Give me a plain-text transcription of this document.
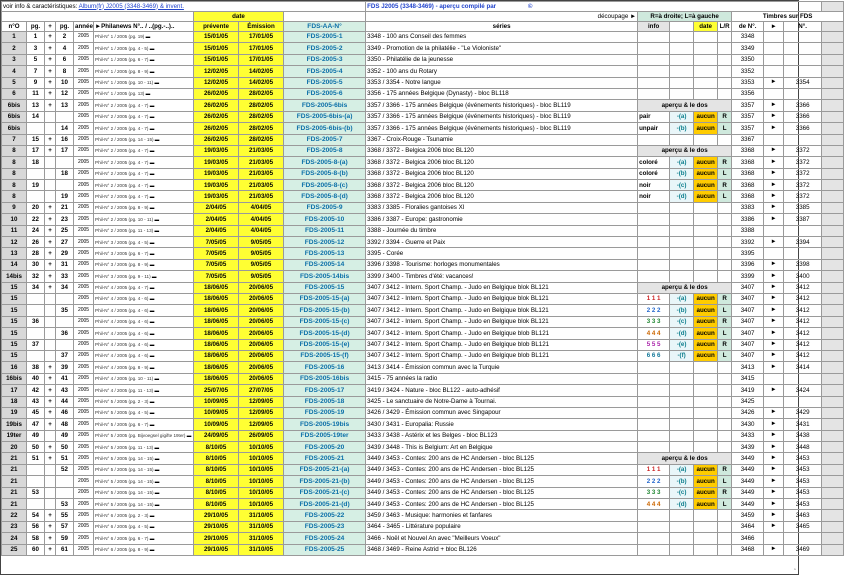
voir info & caractéristiques: Album(fr) J2005 (3348-3469) & invent.									FDS J2005 (3348-3469) - aperçu compilé par ©								
						date			découpage ►	R=à droite; L=à gauche				Timbres sur FDS			
n°O	pg.	+	pg.	année	►Philanews N°.. / ..(pg.-..)..	prévente	Émission	FDS-AA-N°	séries	info		date	L/R	de N°.	►	N°.	
1	1	+	2	2005	Phil-N° 1 / 2005 (pg. 19) ▬	15/01/05	17/01/05	FDS-2005-1	3348 - 100 ans Conseil des femmes					3348			
2	3	+	4	2005	Phil-N° 1 / 2005 (pg. 4 - 5) ▬	15/01/05	17/01/05	FDS-2005-2	3349 - Promotion de la philatélie - "Le Violoniste"					3349			
3	5	+	6	2005	Phil-N° 1 / 2005 (pg. 6 - 7) ▬	15/01/05	17/01/05	FDS-2005-3	3350 - Philatélie de la jeunesse					3350			
4	7	+	8	2005	Phil-N° 1 / 2005 (pg. 8 - 9) ▬	12/02/05	14/02/05	FDS-2005-4	3352 - 100 ans du Rotary					3352			
5	9	+	10	2005	Phil-N° 1 / 2005 (pg. 10 - 11) ▬	12/02/05	14/02/05	FDS-2005-5	3353 / 3354 - Notre langue					3353	►	3354	
6	11	+	12	2005	Phil-N° 1 / 2005 (pg. 13) ▬	26/02/05	28/02/05	FDS-2005-6	3356 - 175 années Belgique (Dynasty) - bloc BL118					3356			
6bis	13	+	13	2005	Phil-N° 2 / 2005 (pg. 4 - 7) ▬	26/02/05	28/02/05	FDS-2005-6bis	3357 / 3366 - 175 années Belgique (événements historiques) - bloc BL119	aperçu & le dos				3357	►	3366	
6bis	14			2005	Phil-N° 2 / 2005 (pg. 4 - 7) ▬	26/02/05	28/02/05	FDS-2005-6bis-(a)	3357 / 3366 - 175 années Belgique (événements historiques) - bloc BL119	pair	-(a)	aucun	R	3357	►	3366	
6bis			14	2005	Phil-N° 2 / 2005 (pg. 4 - 7) ▬	26/02/05	28/02/05	FDS-2005-6bis-(b)	3357 / 3366 - 175 années Belgique (événements historiques) - bloc BL119	unpair	-(b)	aucun	L	3357	►	3366	
7	15	+	16	2005	Phil-N° 2 / 2005 (pg. 14 - 15) ▬	26/02/05	28/02/05	FDS-2005-7	3367 - Croix-Rouge - Tsunamie					3367			
8	17	+	17	2005	Phil-N° 2 / 2005 (pg. 4 - 7) ▬	19/03/05	21/03/05	FDS-2005-8	3368 / 3372 - Belgica 2006 bloc BL120	aperçu & le dos				3368	►	3372	
8	18			2005	Phil-N° 2 / 2005 (pg. 4 - 7) ▬	19/03/05	21/03/05	FDS-2005-8-(a)	3368 / 3372 - Belgica 2006 bloc BL120	coloré	-(a)	aucun	R	3368	►	3372	
8			18	2005	Phil-N° 2 / 2005 (pg. 4 - 7) ▬	19/03/05	21/03/05	FDS-2005-8-(b)	3368 / 3372 - Belgica 2006 bloc BL120	coloré	-(b)	aucun	L	3368	►	3372	
8	19			2005	Phil-N° 2 / 2005 (pg. 4 - 7) ▬	19/03/05	21/03/05	FDS-2005-8-(c)	3368 / 3372 - Belgica 2006 bloc BL120	noir	-(c)	aucun	R	3368	►	3372	
8			19	2005	Phil-N° 2 / 2005 (pg. 4 - 7) ▬	19/03/05	21/03/05	FDS-2005-8-(d)	3368 / 3372 - Belgica 2006 bloc BL120	noir	-(d)	aucun	L	3368	►	3372	
9	20	+	21	2005	Phil-N° 2 / 2005 (pg. 8 - 9) ▬	2/04/05	4/04/05	FDS-2005-9	3383 / 3385 - Floralies gantoises XI					3383	►	3385	
10	22	+	23	2005	Phil-N° 2 / 2005 (pg. 10 - 11) ▬	2/04/05	4/04/05	FDS-2005-10	3386 / 3387 - Europe: gastronomie					3386	►	3387	
11	24	+	25	2005	Phil-N° 2 / 2005 (pg. 11 - 13) ▬	2/04/05	4/04/05	FDS-2005-11	3388 - Journée du timbre					3388			
12	26	+	27	2005	Phil-N° 3 / 2005 (pg. 4 - 5) ▬	7/05/05	9/05/05	FDS-2005-12	3392 / 3394 - Guerre et Paix					3392	►	3394	
13	28	+	29	2005	Phil-N° 3 / 2005 (pg. 6 - 7) ▬	7/05/05	9/05/05	FDS-2005-13	3395 - Corée					3395			
14	30	+	31	2005	Phil-N° 3 / 2005 (pg. 8 - 9) ▬	7/05/05	9/05/05	FDS-2005-14	3396 / 3398 - Tourisme: horloges monumentales					3396	►	3398	
14bis	32	+	33	2005	Phil-N° 3 / 2005 (pg. 9 - 11) ▬	7/05/05	9/05/05	FDS-2005-14bis	3399 / 3400 - Timbres d'été: vacances!					3399	►	3400	
15	34	+	34	2005	Phil-N° 4 / 2005 (pg. 4 - 7) ▬	18/06/05	20/06/05	FDS-2005-15	3407 / 3412 - Intern. Sport Champ. - Judo en Belgique blok BL121	aperçu & le dos				3407	►	3412	
15				2005	Phil-N° 4 / 2005 (pg. 4 - 6) ▬	18/06/05	20/06/05	FDS-2005-15-(a)	3407 / 3412 - Intern. Sport Champ. - Judo en Belgique blok BL121	1 1 1	-(a)	aucun	R	3407	►	3412	
15			35	2005	Phil-N° 4 / 2005 (pg. 4 - 6) ▬	18/06/05	20/06/05	FDS-2005-15-(b)	3407 / 3412 - Intern. Sport Champ. - Judo en Belgique blok BL121	2 2 2	-(b)	aucun	L	3407	►	3412	
15	36			2005	Phil-N° 4 / 2005 (pg. 4 - 6) ▬	18/06/05	20/06/05	FDS-2005-15-(c)	3407 / 3412 - Intern. Sport Champ. - Judo en Belgique blok BL121	3 3 3	-(c)	aucun	R	3407	►	3412	
15			36	2005	Phil-N° 4 / 2005 (pg. 4 - 6) ▬	18/06/05	20/06/05	FDS-2005-15-(d)	3407 / 3412 - Intern. Sport Champ. - Judo en Belgique blob BL121	4 4 4	-(d)	aucun	L	3407	►	3412	
15	37			2005	Phil-N° 4 / 2005 (pg. 4 - 6) ▬	18/06/05	20/06/05	FDS-2005-15-(e)	3407 / 3412 - Intern. Sport Champ. - Judo en Belgique blob BL121	5 5 5	-(e)	aucun	R	3407	►	3412	
15			37	2005	Phil-N° 4 / 2005 (pg. 4 - 6) ▬	18/06/05	20/06/05	FDS-2005-15-(f)	3407 / 3412 - Intern. Sport Champ. - Judo en Belgique blob BL121	6 6 6	-(f)	aucun	L	3407	►	3412	
16	38	+	39	2005	Phil-N° 4 / 2005 (pg. 8 - 9) ▬	18/06/05	20/06/05	FDS-2005-16	3413 / 3414 - Émission commun avec la Turquie					3413	►	3414	
16bis	40	+	41	2005	Phil-N° 4 / 2005 (pg. 10 - 11) ▬	18/06/05	20/06/05	FDS-2005-16bis	3415 - 75 années la radio					3415			
17	42	+	43	2005	Phil-N° 4 / 2005 (pg. 11 - 13) ▬	25/07/05	27/07/05	FDS-2005-17	3419 / 3424 - Nature - bloc BL122 - auto-adhésif					3419	►	3424	
18	43	+	44	2005	Phil-N° 5 / 2005 (pg. 2 - 3) ▬	10/09/05	12/09/05	FDS-2005-18	3425 - Le sanctuaire de Notre-Dame à Tournai.					3425			
19	45	+	46	2005	Phil-N° 5 / 2005 (pg. 4 - 5) ▬	10/09/05	12/09/05	FDS-2005-19	3426 / 3429 - Émission commun avec Singapour					3426	►	3429	
19bis	47	+	48	2005	Phil-N° 5 / 2005 (pg. 6 - 7) ▬	10/09/05	12/09/05	FDS-2005-19bis	3430 / 3431 - Europalia: Russie					3430	►	3431	
19ter	49		49	2005	Phil-N° 5 / 2005 (pg. Bijvoegsel gigifte 19ter) ▬	24/09/05	26/09/05	FDS-2005-19ter	3433 / 3438 - Astérix et les Belges - bloc BL123					3433	►	3438	
20	50	+	50	2005	Phil-N° 5 / 2005 (pg. 11 - 13) ▬	8/10/05	10/10/05	FDS-2005-20	3439 / 3448 - This is Belgium: Art en Belgique					3439	►	3448	
21	51	+	51	2005	Phil-N° 5 / 2005 (pg. 14 - 15) ▬	8/10/05	10/10/05	FDS-2005-21	3449 / 3453 - Contes: 200 ans de HC Andersen - bloc BL125	aperçu & le dos				3449	►	3453	
21			52	2005	Phil-N° 5 / 2005 (pg. 14 - 15) ▬	8/10/05	10/10/05	FDS-2005-21-(a)	3449 / 3453 - Contes: 200 ans de HC Andersen - bloc BL125	1 1 1	-(a)	aucun	R	3449	►	3453	
21				2005	Phil-N° 5 / 2005 (pg. 14 - 15) ▬	8/10/05	10/10/05	FDS-2005-21-(b)	3449 / 3453 - Contes: 200 ans de HC Andersen - bloc BL125	2 2 2	-(b)	aucun	L	3449	►	3453	
21	53			2005	Phil-N° 5 / 2005 (pg. 14 - 15) ▬	8/10/05	10/10/05	FDS-2005-21-(c)	3449 / 3453 - Contes: 200 ans de HC Andersen - bloc BL125	3 3 3	-(c)	aucun	R	3449	►	3453	
21			53	2005	Phil-N° 5 / 2005 (pg. 14 - 15) ▬	8/10/05	10/10/05	FDS-2005-21-(d)	3449 / 3453 - Contes: 200 ans de HC Andersen - bloc BL125	4 4 4	-(d)	aucun	L	3449	►	3453	
22	54	+	55	2005	Phil-N° 6 / 2005 (pg. 2 - 3) ▬	29/10/05	31/10/05	FDS-2005-22	3459 / 3463 - Musique: harmonies et fanfares					3459	►	3463	
23	56	+	57	2005	Phil-N° 6 / 2005 (pg. 4 - 5) ▬	29/10/05	31/10/05	FDS-2005-23	3464 - 3465 - Littérature populaire					3464	►	3465	
24	58	+	59	2005	Phil-N° 6 / 2005 (pg. 6 - 7) ▬	29/10/05	31/10/05	FDS-2005-24	3466 - Noël et Nouvel An avec "Meilleurs Voeux"					3466			
25	60	+	61	2005	Phil-N° 6 / 2005 (pg. 8 - 9) ▬	29/10/05	31/10/05	FDS-2005-25	3468 / 3469 - Reine Astrid + bloc BL126					3468	►	3469	
◔
